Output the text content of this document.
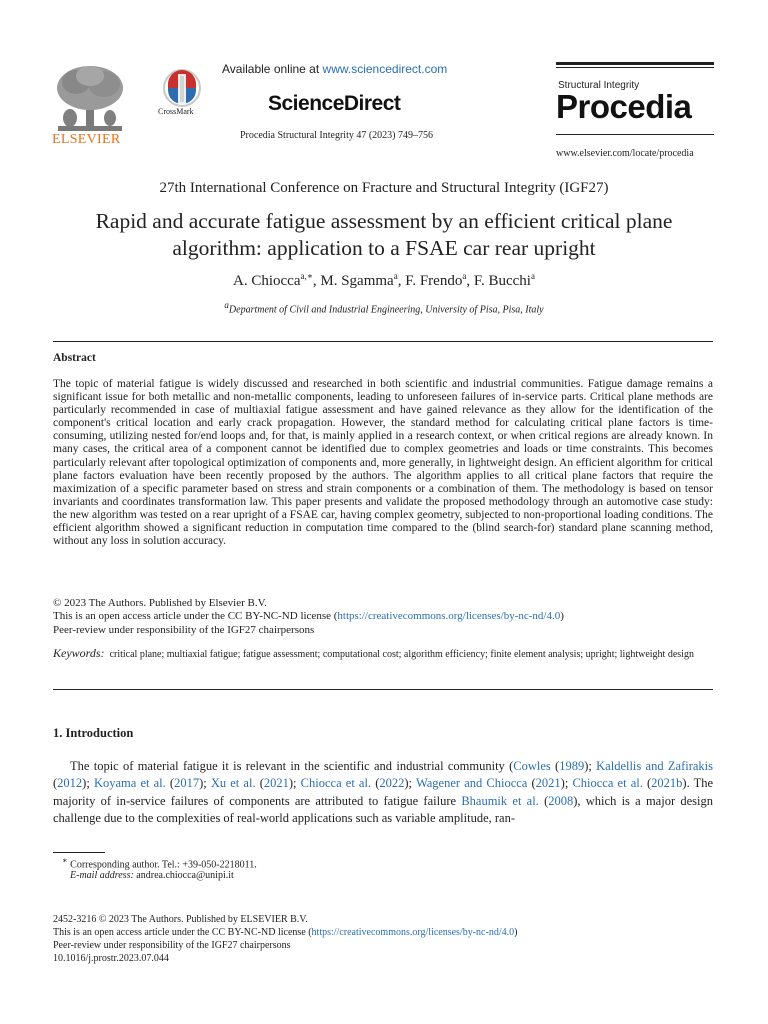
ELSEVIER
CrossMark
Available online at www.sciencedirect.com
ScienceDirect
Procedia Structural Integrity 47 (2023) 749–756
Structural Integrity
Procedia
www.elsevier.com/locate/procedia
27th International Conference on Fracture and Structural Integrity (IGF27)
Rapid and accurate fatigue assessment by an efficient critical plane
algorithm: application to a FSAE car rear upright
A. Chiocca$^{a,∗}$, M. Sgamma$^a$, F. Frendo$^a$, F. Bucchi$^a$
$^a$Department of Civil and Industrial Engineering, University of Pisa, Pisa, Italy
Abstract
The topic of material fatigue is widely discussed and researched in both scientific and industrial communities. Fatigue damage remains a significant issue for both metallic and non-metallic components, leading to unforeseen failures of in-service parts. Critical plane methods are particularly recommended in case of multiaxial fatigue assessment and have gained relevance as they allow for the identification of the component's critical location and early crack propagation. However, the standard method for calculating critical plane factors is time-consuming, utilizing nested for/end loops and, for that, is mainly applied in a research context, or when critical regions are already known. In many cases, the critical area of a component cannot be identified due to complex geometries and loads or time constraints. This becomes particularly relevant after topological optimization of components and, more generally, in lightweight design. An efficient algorithm for critical plane factors evaluation have been recently proposed by the authors. The algorithm applies to all critical plane factors that require the maximization of a specific parameter based on stress and strain components or a combination of them. The methodology is based on tensor invariants and coordinates transformation law. This paper presents and validate the proposed methodology through an automotive case study: the new algorithm was tested on a rear upright of a FSAE car, having complex geometry, subjected to non-proportional loading conditions. The efficient algorithm showed a significant reduction in computation time compared to the (blind search-for) standard plane scanning method, without any loss in solution accuracy.
© 2023 The Authors. Published by Elsevier B.V.
This is an open access article under the CC BY-NC-ND license (https://creativecommons.org/licenses/by-nc-nd/4.0)
Peer-review under responsibility of the IGF27 chairpersons
Keywords: critical plane; multiaxial fatigue; fatigue assessment; computational cost; algorithm efficiency; finite element analysis; upright; lightweight design
1. Introduction
The topic of material fatigue it is relevant in the scientific and industrial community (Cowles (1989); Kaldellis and Zafirakis (2012); Koyama et al. (2017); Xu et al. (2021); Chiocca et al. (2022); Wagener and Chiocca (2021); Chiocca et al. (2021b). The majority of in-service failures of components are attributed to fatigue failure Bhaumik et al. (2008), which is a major design challenge due to the complexities of real-world applications such as variable amplitude, ran-
∗ Corresponding author. Tel.: +39-050-2218011.
E-mail address: andrea.chiocca@unipi.it
2452-3216 © 2023 The Authors. Published by ELSEVIER B.V.
This is an open access article under the CC BY-NC-ND license (https://creativecommons.org/licenses/by-nc-nd/4.0)
Peer-review under responsibility of the IGF27 chairpersons
10.1016/j.prostr.2023.07.044
